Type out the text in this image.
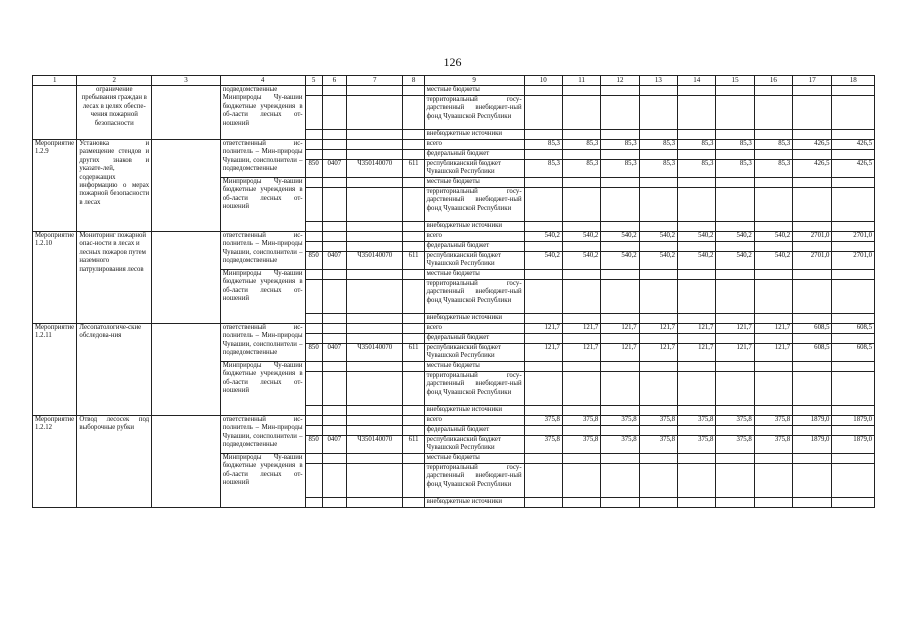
126
1	2	3	4	5	6	7	8	9	10	11	12	13	14	15	16	17	18
	ограничение пребывания граждан в лесах в целях обеспе-чения пожарной безопасности		подведомственные Минприроды Чу-вашии бюджетные учреждения в об-ласти лесных от-ношений					местные бюджеты									
								территориальный госу-дарственный внебюджет-ный фонд Чувашской Республики									
								внебюджетные источники									
Мероприятие 1.2.9	Установка и размещение стендов и других знаков и указате-лей, содержащих информацию о мерах пожарной безопасности в лесах		ответственный ис-полнитель – Мин-природы Чувашии, соисполнители – подведомственные					всего	85,3	85,3	85,3	85,3	85,3	85,3	85,3	426,5	426,5
								федеральный бюджет									
				850	0407	Ч350140070	611	республиканский бюджет Чувашской Республики	85,3	85,3	85,3	85,3	85,3	85,3	85,3	426,5	426,5
			Минприроды Чу-вашии бюджетные учреждения в об-ласти лесных от-ношений					местные бюджеты									
								территориальный госу-дарственный внебюджет-ный фонд Чувашской Республики									
								внебюджетные источники									
Мероприятие 1.2.10	Мониторинг пожарной опас-ности в лесах и лесных пожаров путем наземного патрулирования лесов		ответственный ис-полнитель – Мин-природы Чувашии, соисполнители – подведомственные					всего	540,2	540,2	540,2	540,2	540,2	540,2	540,2	2701,0	2701,0
								федеральный бюджет									
				850	0407	Ч350140070	611	республиканский бюджет Чувашской Республики	540,2	540,2	540,2	540,2	540,2	540,2	540,2	2701,0	2701,0
			Минприроды Чу-вашии бюджетные учреждения в об-ласти лесных от-ношений					местные бюджеты									
								территориальный госу-дарственный внебюджет-ный фонд Чувашской Республики									
								внебюджетные источники									
Мероприятие 1.2.11	Лесопатологиче-ские обследова-ния		ответственный ис-полнитель – Мин-природы Чувашии, соисполнители – подведомственные					всего	121,7	121,7	121,7	121,7	121,7	121,7	121,7	608,5	608,5
								федеральный бюджет									
				850	0407	Ч350140070	611	республиканский бюджет Чувашской Республики	121,7	121,7	121,7	121,7	121,7	121,7	121,7	608,5	608,5
			Минприроды Чу-вашии бюджетные учреждения в об-ласти лесных от-ношений					местные бюджеты									
								территориальный госу-дарственный внебюджет-ный фонд Чувашской Республики									
								внебюджетные источники									
Мероприятие 1.2.12	Отвод лесосек под выборочные рубки		ответственный ис-полнитель – Мин-природы Чувашии, соисполнители – подведомственные					всего	375,8	375,8	375,8	375,8	375,8	375,8	375,8	1879,0	1879,0
								федеральный бюджет									
				850	0407	Ч350140070	611	республиканский бюджет Чувашской Республики	375,8	375,8	375,8	375,8	375,8	375,8	375,8	1879,0	1879,0
			Минприроды Чу-вашии бюджетные учреждения в об-ласти лесных от-ношений					местные бюджеты									
								территориальный госу-дарственный внебюджет-ный фонд Чувашской Республики									
								внебюджетные источники									
